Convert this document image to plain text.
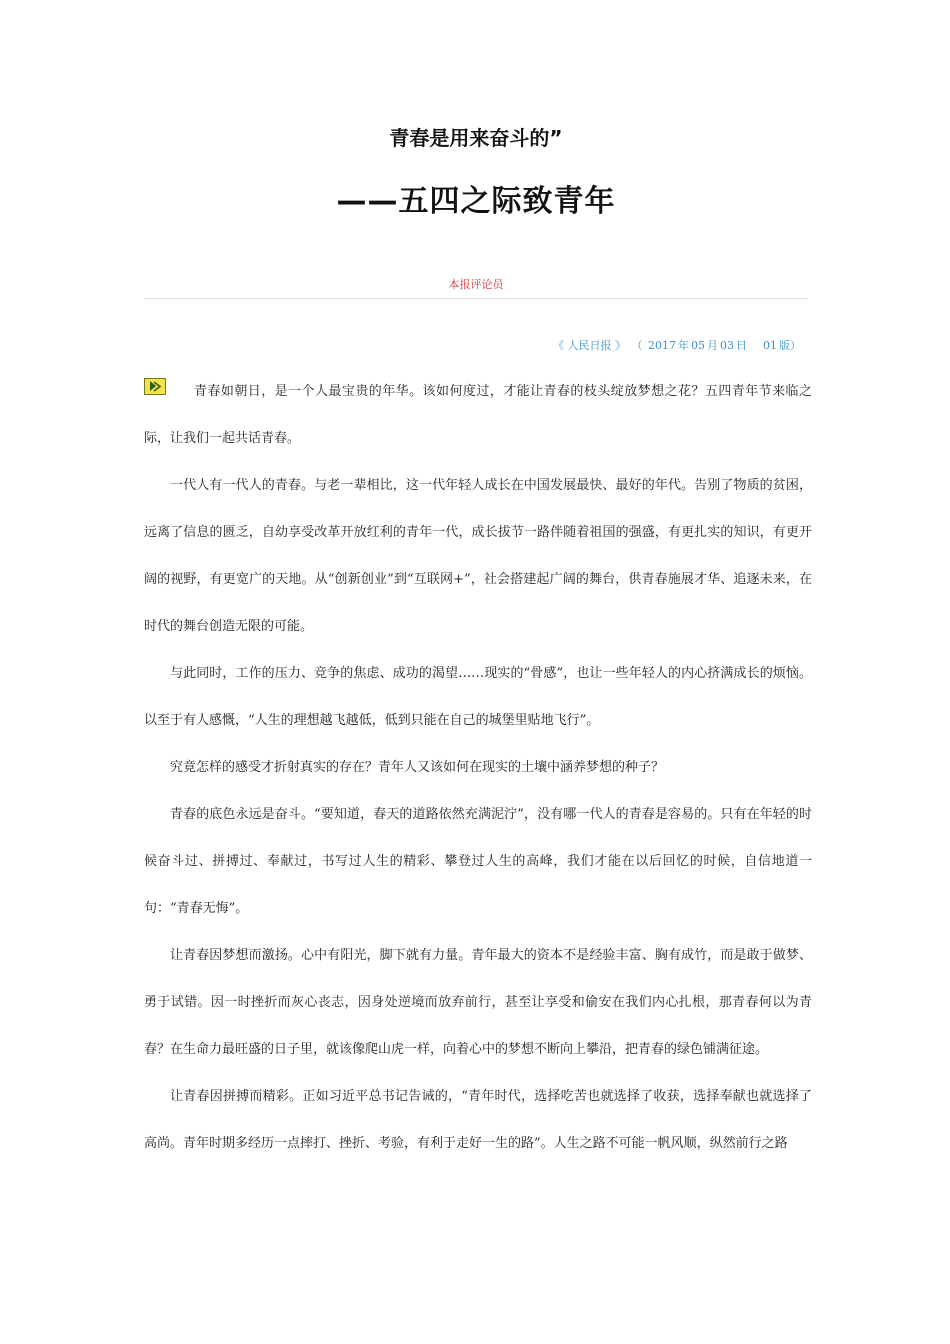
青春是用来奋斗的”
——五四之际致青年
本报评论员
《 人民日报 》 （ 2017 年 05 月 03 日 01 版）

青春如朝日，是一个人最宝贵的年华。该如何度过，才能让青春的枝头绽放梦想之花？五四青年节来临之际，让我们一起共话青春。

一代人有一代人的青春。与老一辈相比，这一代年轻人成长在中国发展最快、最好的年代。告别了物质的贫困，远离了信息的匮乏，自幼享受改革开放红利的青年一代，成长拔节一路伴随着祖国的强盛，有更扎实的知识，有更开阔的视野，有更宽广的天地。从“创新创业”到“互联网+”，社会搭建起广阔的舞台，供青春施展才华、追逐未来，在时代的舞台创造无限的可能。

与此同时，工作的压力、竞争的焦虑、成功的渴望……现实的“骨感”，也让一些年轻人的内心挤满成长的烦恼。以至于有人感慨，“人生的理想越飞越低，低到只能在自己的城堡里贴地飞行”。

究竟怎样的感受才折射真实的存在？青年人又该如何在现实的土壤中涵养梦想的种子？

青春的底色永远是奋斗。“要知道，春天的道路依然充满泥泞”，没有哪一代人的青春是容易的。只有在年轻的时候奋斗过、拼搏过、奉献过，书写过人生的精彩、攀登过人生的高峰，我们才能在以后回忆的时候，自信地道一句：“青春无悔”。

让青春因梦想而激扬。心中有阳光，脚下就有力量。青年最大的资本不是经验丰富、胸有成竹，而是敢于做梦、勇于试错。因一时挫折而灰心丧志，因身处逆境而放弃前行，甚至让享受和偷安在我们内心扎根，那青春何以为青春？在生命力最旺盛的日子里，就该像爬山虎一样，向着心中的梦想不断向上攀沿，把青春的绿色铺满征途。

让青春因拼搏而精彩。正如习近平总书记告诫的，“青年时代，选择吃苦也就选择了收获，选择奉献也就选择了高尚。青年时期多经历一点摔打、挫折、考验，有利于走好一生的路”。人生之路不可能一帆风顺，纵然前行之路
